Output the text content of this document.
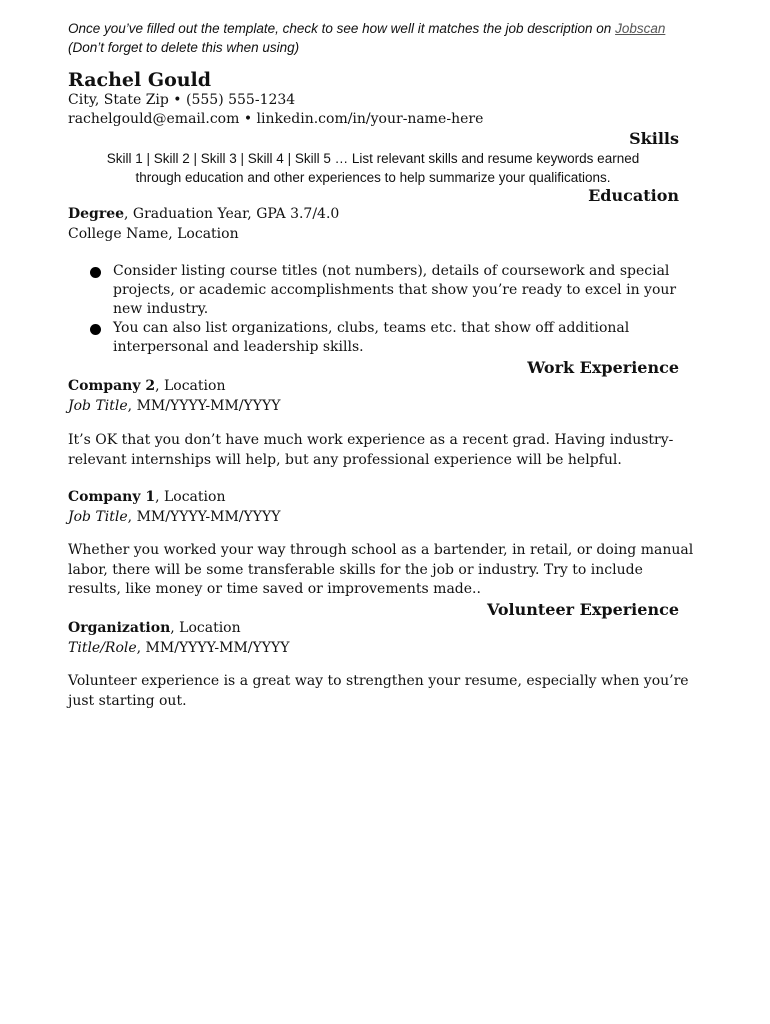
Once you’ve filled out the template, check to see how well it matches the job description on Jobscan
(Don’t forget to delete this when using)
Rachel Gould
City, State Zip • (555) 555-1234
rachelgould@email.com • linkedin.com/in/your-name-here
Skills
Skill 1 | Skill 2 | Skill 3 | Skill 4 | Skill 5 … List relevant skills and resume keywords earned
through education and other experiences to help summarize your qualifications.
Education
Degree, Graduation Year, GPA 3.7/4.0
College Name, Location
Consider listing course titles (not numbers), details of coursework and special projects, or academic accomplishments that show you’re ready to excel in your new industry.
You can also list organizations, clubs, teams etc. that show off additional interpersonal and leadership skills.
Work Experience
Company 2, Location
Job Title, MM/YYYY-MM/YYYY
It’s OK that you don’t have much work experience as a recent grad. Having industry-relevant internships will help, but any professional experience will be helpful.
Company 1, Location
Job Title, MM/YYYY-MM/YYYY
Whether you worked your way through school as a bartender, in retail, or doing manual labor, there will be some transferable skills for the job or industry. Try to include results, like money or time saved or improvements made..
Volunteer Experience
Organization, Location
Title/Role, MM/YYYY-MM/YYYY
Volunteer experience is a great way to strengthen your resume, especially when you’re just starting out.
